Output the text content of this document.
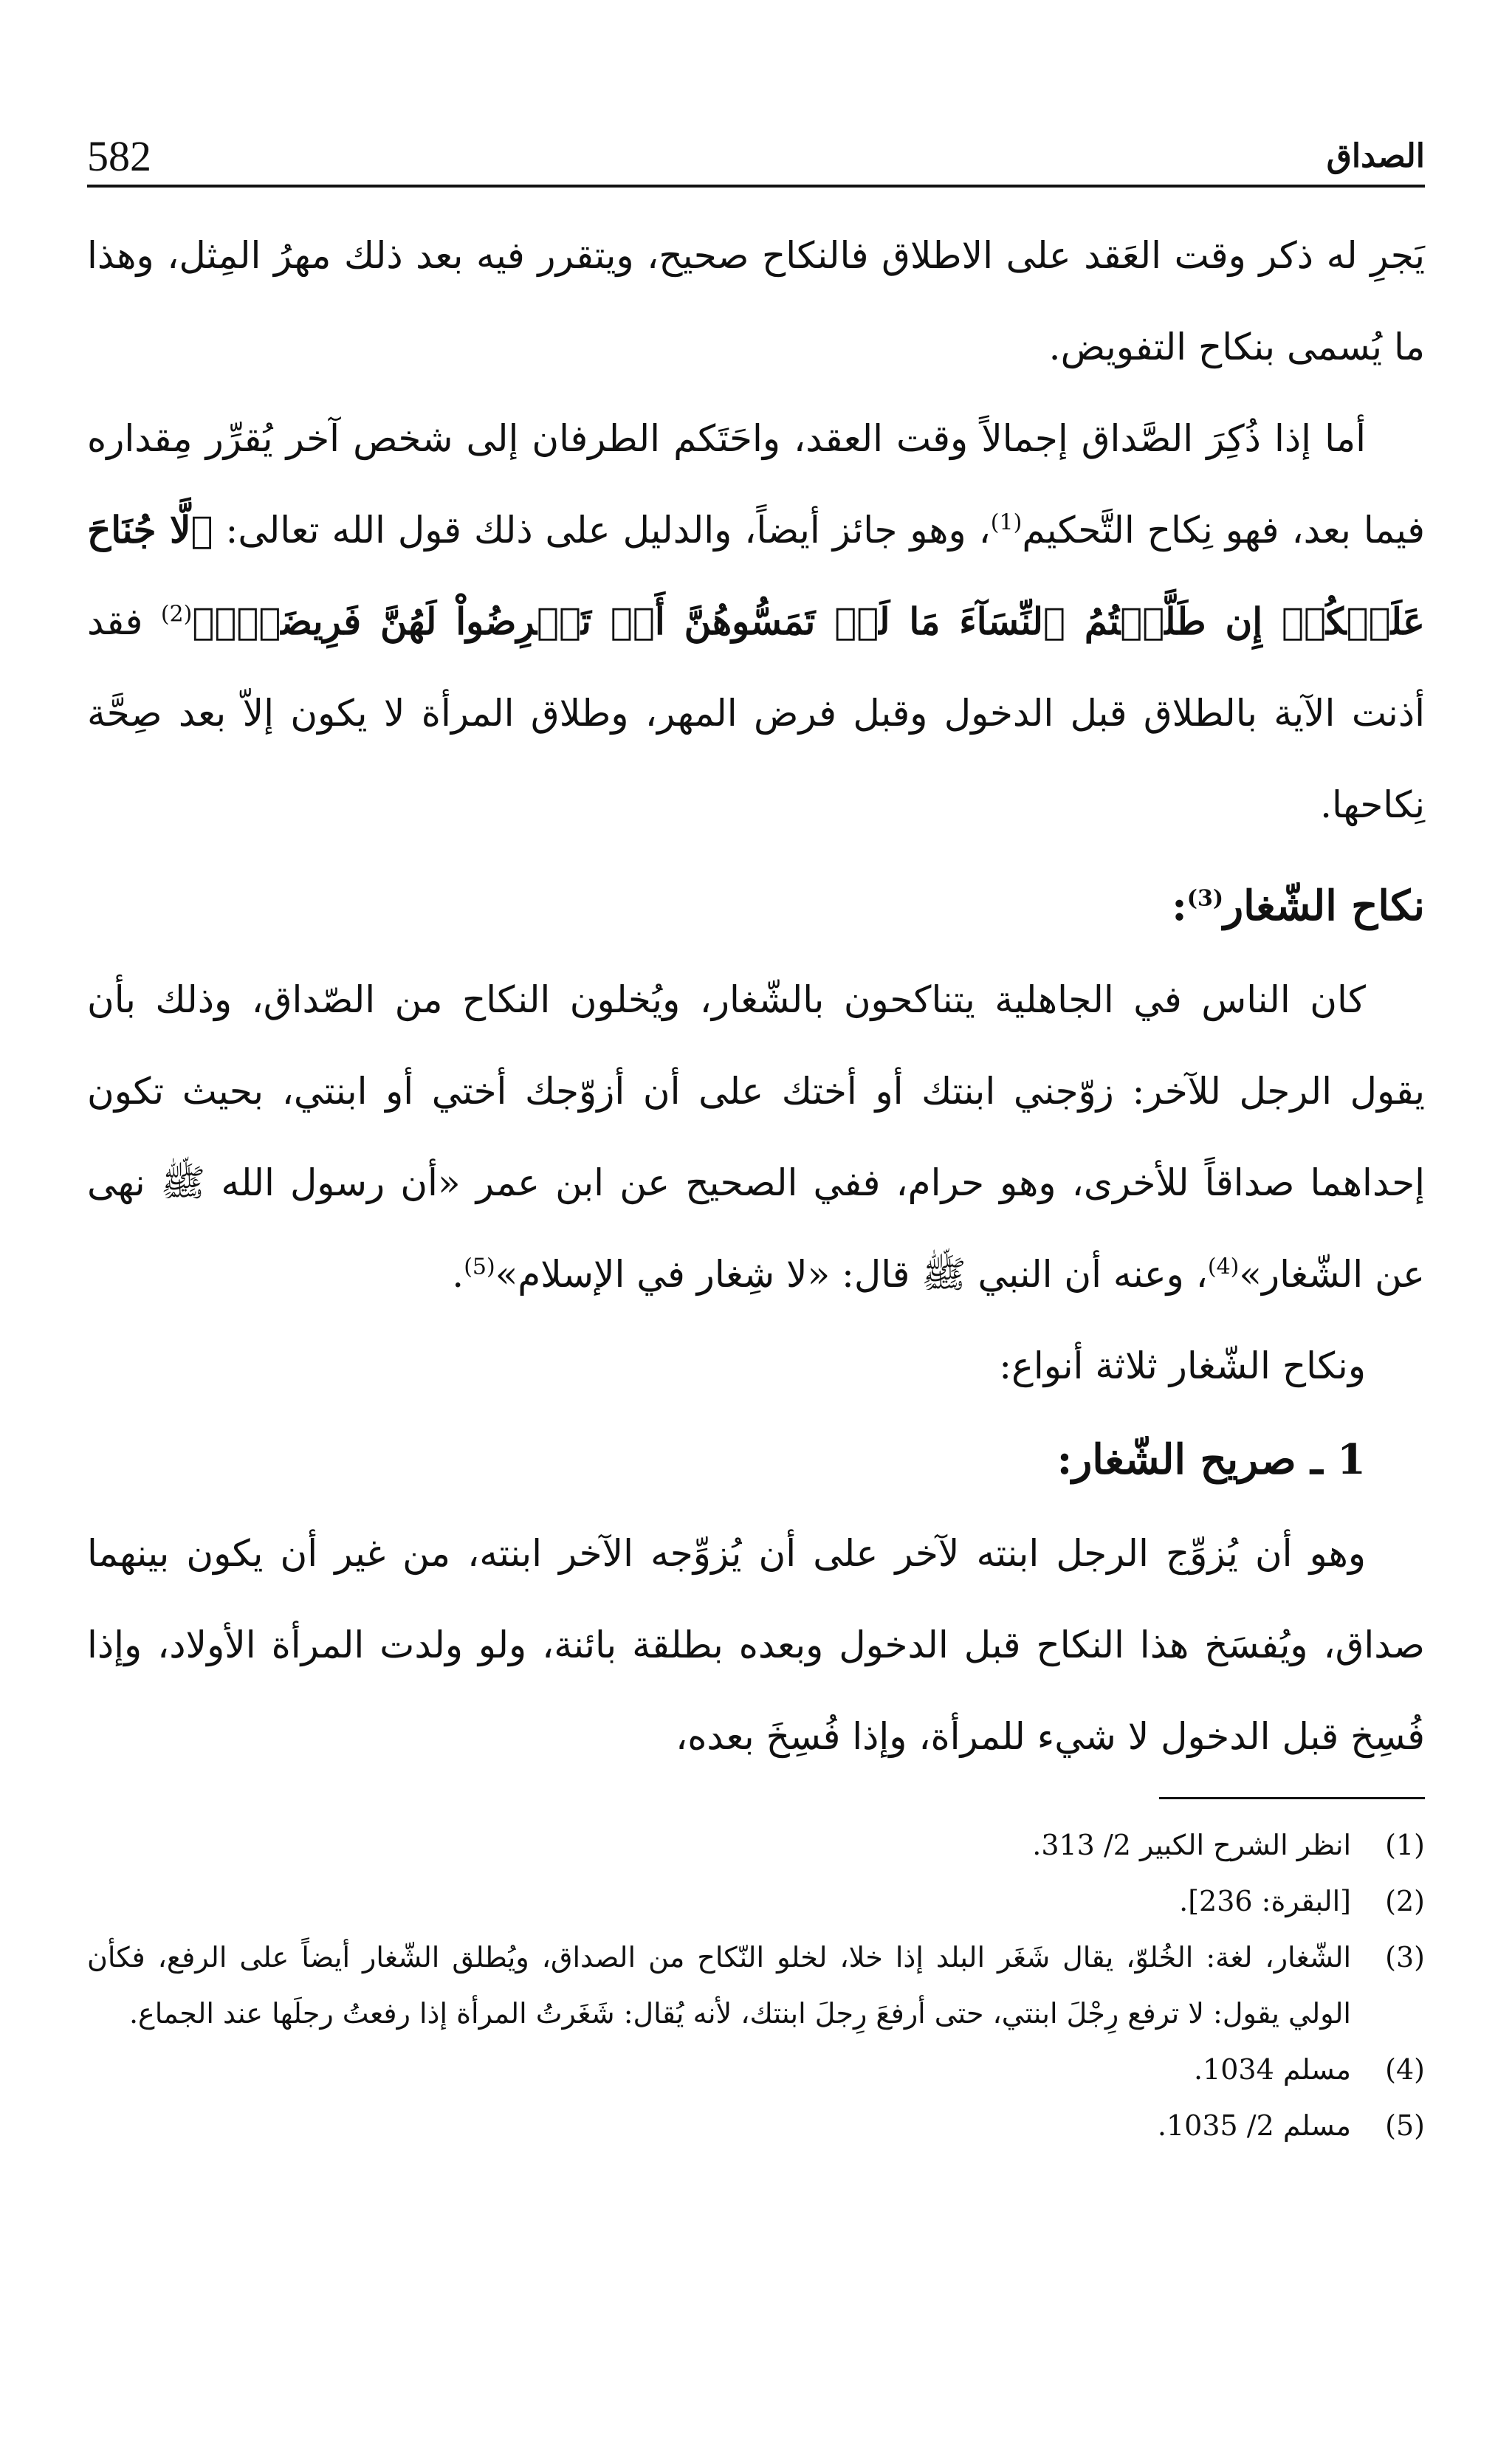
582	الصداق

يَجرِ له ذكر وقت العَقد على الاطلاق فالنكاح صحيح، ويتقرر فيه بعد ذلك مهرُ المِثل، وهذا ما يُسمى بنكاح التفويض.

أما إذا ذُكِرَ الصَّداق إجمالاً وقت العقد، واحَتَكم الطرفان إلى شخص آخر يُقرِّر مِقداره فيما بعد، فهو نِكاح التَّحكيم$^{(1)}$، وهو جائز أيضاً، والدليل على ذلك قول الله تعالى: ﴿لَّا جُنَاحَ عَلَيۡكُمۡ إِن طَلَّقۡتُمُ ٱلنِّسَآءَ مَا لَمۡ تَمَسُّوهُنَّ أَوۡ تَفۡرِضُواْ لَهُنَّ فَرِيضَةٗۚ﴾$^{(2)}$ فقد أذنت الآية بالطلاق قبل الدخول وقبل فرض المهر، وطلاق المرأة لا يكون إلاّ بعد صِحَّة نِكاحها.

نكاح الشّغار$^{(3)}$:

كان الناس في الجاهلية يتناكحون بالشّغار، ويُخلون النكاح من الصّداق، وذلك بأن يقول الرجل للآخر: زوّجني ابنتك أو أختك على أن أزوّجك أختي أو ابنتي، بحيث تكون إحداهما صداقاً للأخرى، وهو حرام، ففي الصحيح عن ابن عمر «أن رسول الله ﷺ نهى عن الشّغار»$^{(4)}$، وعنه أن النبي ﷺ قال: «لا شِغار في الإسلام»$^{(5)}$.

ونكاح الشّغار ثلاثة أنواع:

1 ـ صريح الشّغار:

وهو أن يُزوِّج الرجل ابنته لآخر على أن يُزوِّجه الآخر ابنته، من غير أن يكون بينهما صداق، ويُفسَخ هذا النكاح قبل الدخول وبعده بطلقة بائنة، ولو ولدت المرأة الأولاد، وإذا فُسِخ قبل الدخول لا شيء للمرأة، وإذا فُسِخَ بعده،

(1)
انظر الشرح الكبير 2/ 313.
(2)
[البقرة: 236].
(3)
الشّغار، لغة: الخُلوّ، يقال شَغَر البلد إذا خلا، لخلو النّكاح من الصداق، ويُطلق الشّغار أيضاً على الرفع، فكأن الولي يقول: لا ترفع رِجْلَ ابنتي، حتى أرفعَ رِجلَ ابنتك، لأنه يُقال: شَغَرتُ المرأة إذا رفعتُ رجلَها عند الجماع.
(4)
مسلم 1034.
(5)
مسلم 2/ 1035.
